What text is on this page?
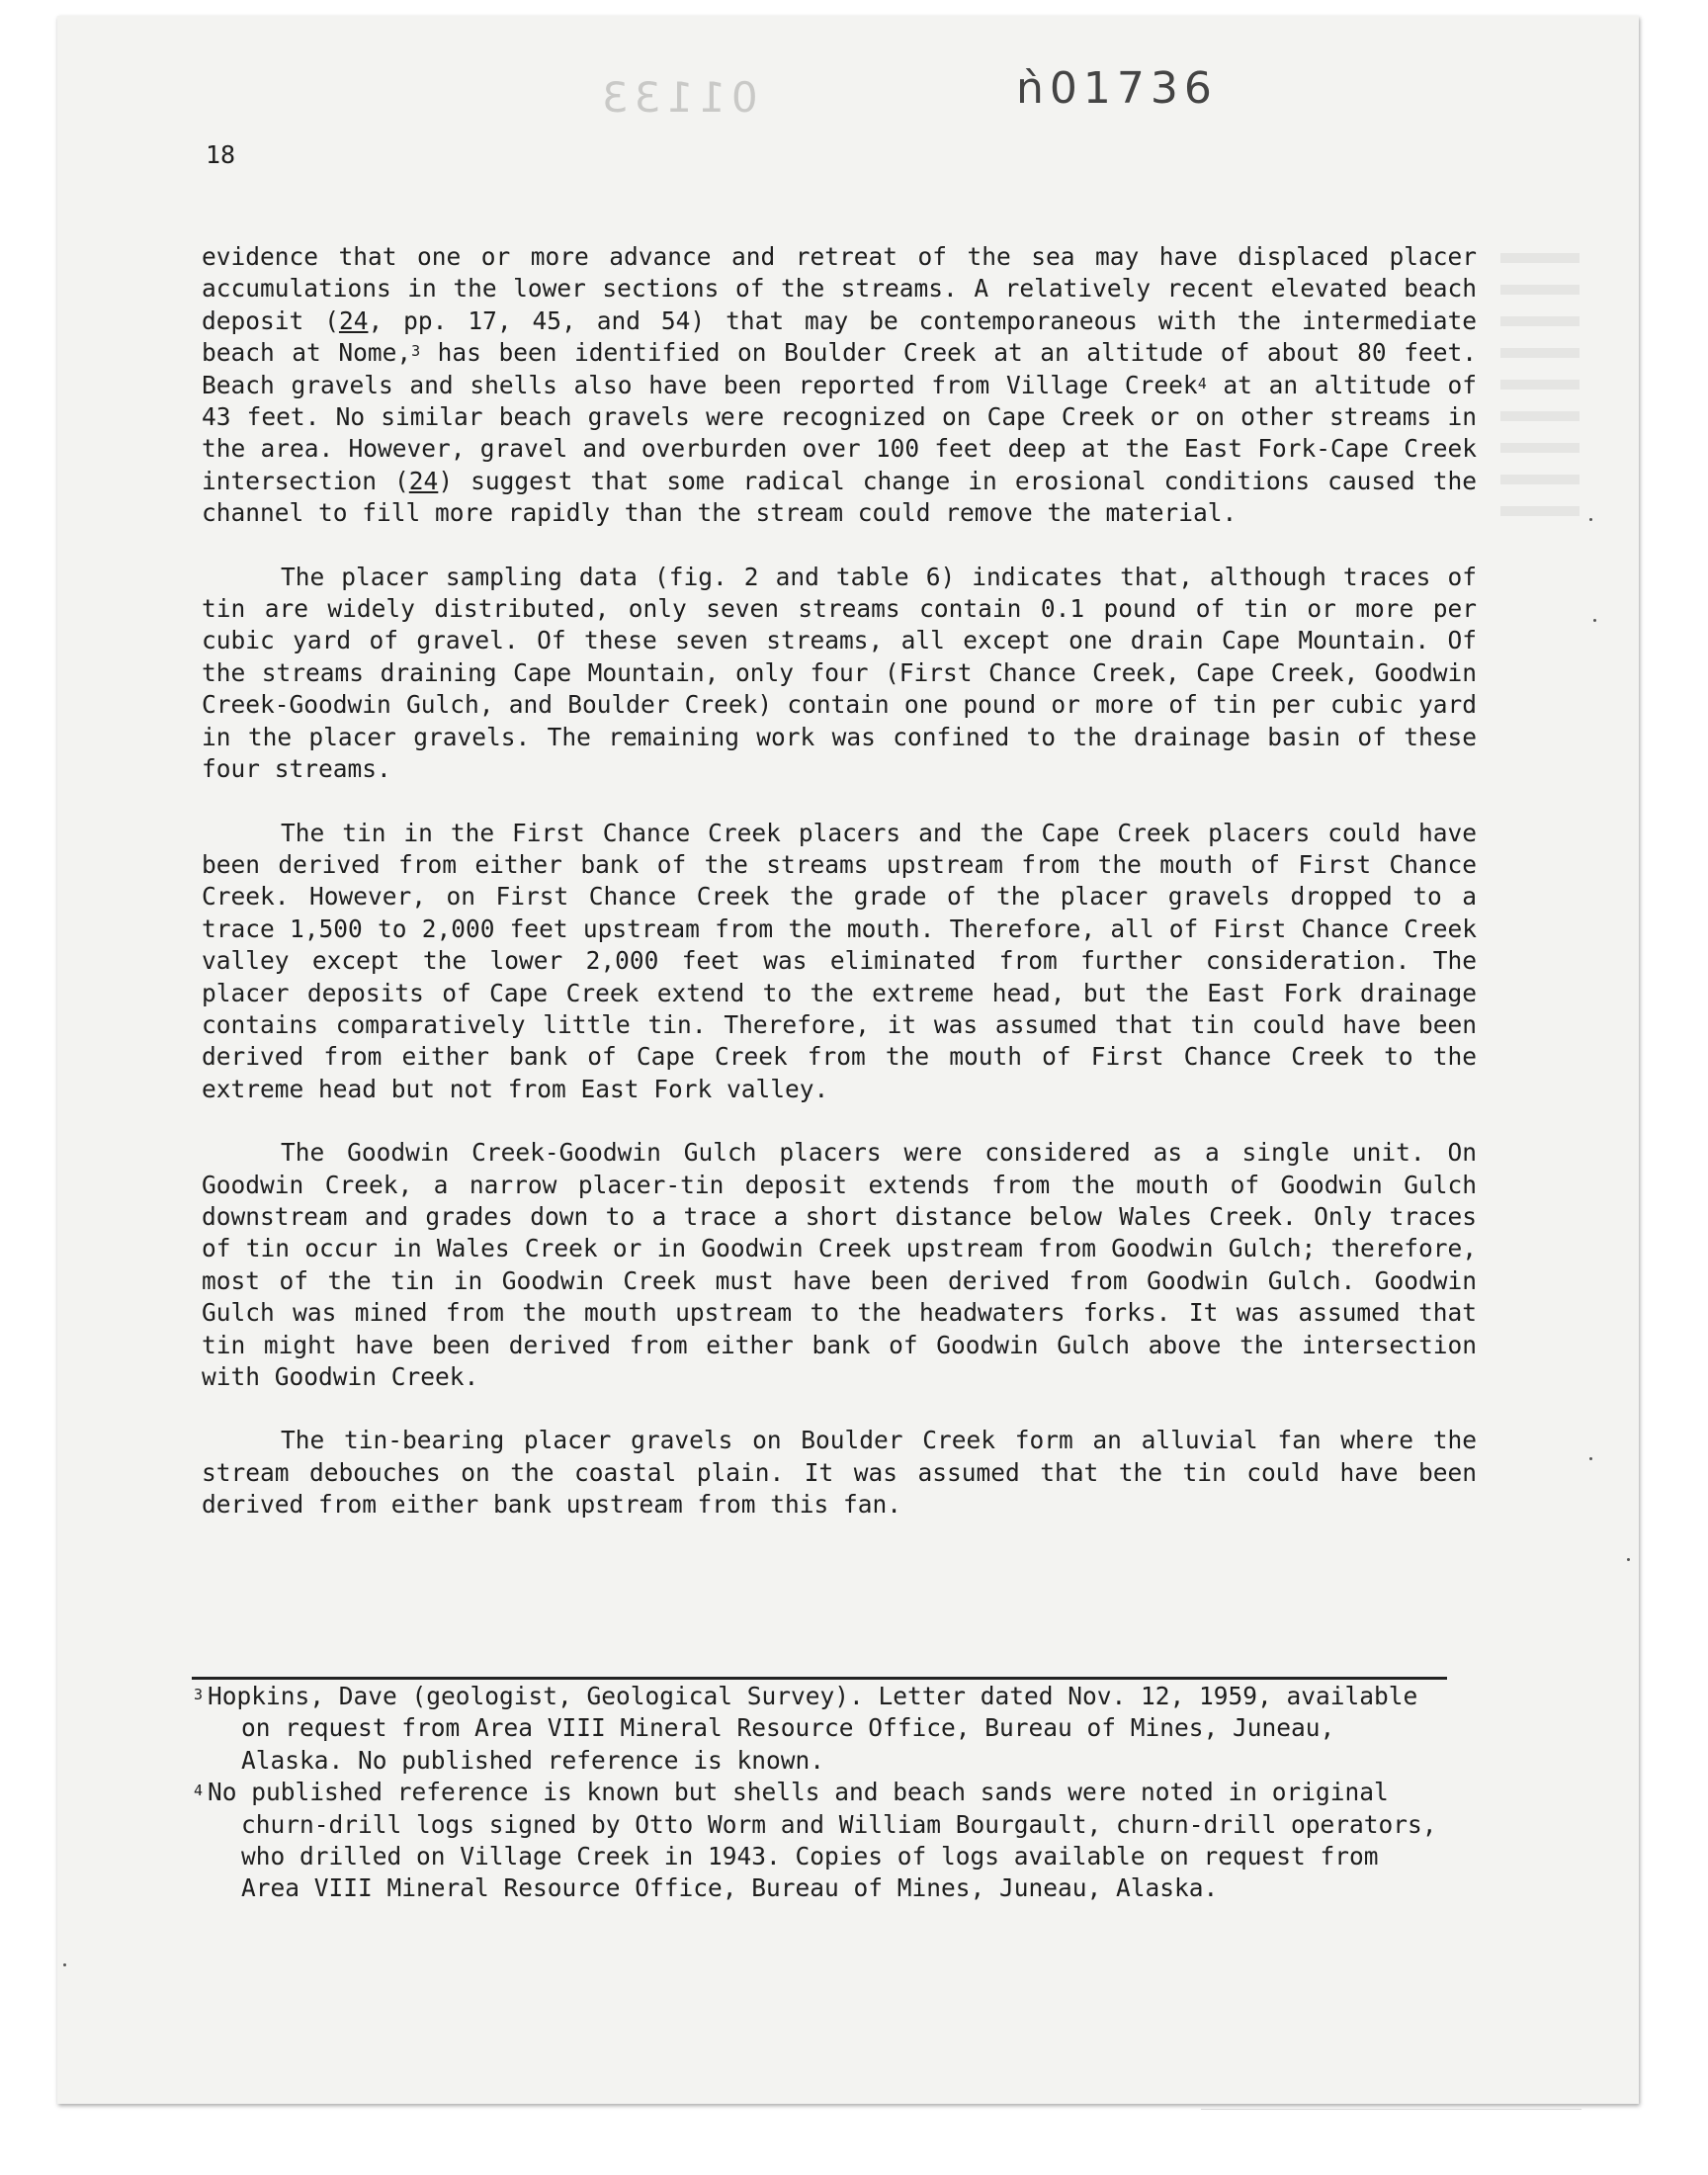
01133	ǹ01736
18

evidence that one or more advance and retreat of the sea may have displaced placer accumulations in the lower sections of the streams. A relatively recent elevated beach deposit (24, pp. 17, 45, and 54) that may be contemporaneous with the intermediate beach at Nome,$^3$ has been identified on Boulder Creek at an altitude of about 80 feet. Beach gravels and shells also have been reported from Village Creek$^4$ at an altitude of 43 feet. No similar beach gravels were recognized on Cape Creek or on other streams in the area. However, gravel and overburden over 100 feet deep at the East Fork-Cape Creek intersection (24) suggest that some radical change in erosional conditions caused the channel to fill more rapidly than the stream could remove the material.

The placer sampling data (fig. 2 and table 6) indicates that, although traces of tin are widely distributed, only seven streams contain 0.1 pound of tin or more per cubic yard of gravel. Of these seven streams, all except one drain Cape Mountain. Of the streams draining Cape Mountain, only four (First Chance Creek, Cape Creek, Goodwin Creek-Goodwin Gulch, and Boulder Creek) contain one pound or more of tin per cubic yard in the placer gravels. The remaining work was confined to the drainage basin of these four streams.

The tin in the First Chance Creek placers and the Cape Creek placers could have been derived from either bank of the streams upstream from the mouth of First Chance Creek. However, on First Chance Creek the grade of the placer gravels dropped to a trace 1,500 to 2,000 feet upstream from the mouth. Therefore, all of First Chance Creek valley except the lower 2,000 feet was eliminated from further consideration. The placer deposits of Cape Creek extend to the extreme head, but the East Fork drainage contains comparatively little tin. Therefore, it was assumed that tin could have been derived from either bank of Cape Creek from the mouth of First Chance Creek to the extreme head but not from East Fork valley.

The Goodwin Creek-Goodwin Gulch placers were considered as a single unit. On Goodwin Creek, a narrow placer-tin deposit extends from the mouth of Goodwin Gulch downstream and grades down to a trace a short distance below Wales Creek. Only traces of tin occur in Wales Creek or in Goodwin Creek upstream from Goodwin Gulch; therefore, most of the tin in Goodwin Creek must have been derived from Goodwin Gulch. Goodwin Gulch was mined from the mouth upstream to the headwaters forks. It was assumed that tin might have been derived from either bank of Goodwin Gulch above the intersection with Goodwin Creek.

The tin-bearing placer gravels on Boulder Creek form an alluvial fan where the stream debouches on the coastal plain. It was assumed that the tin could have been derived from either bank upstream from this fan.

3 Hopkins, Dave (geologist, Geological Survey). Letter dated Nov. 12, 1959, available on request from Area VIII Mineral Resource Office, Bureau of Mines, Juneau, Alaska. No published reference is known.

4 No published reference is known but shells and beach sands were noted in original churn-drill logs signed by Otto Worm and William Bourgault, churn-drill operators, who drilled on Village Creek in 1943. Copies of logs available on request from Area VIII Mineral Resource Office, Bureau of Mines, Juneau, Alaska.
